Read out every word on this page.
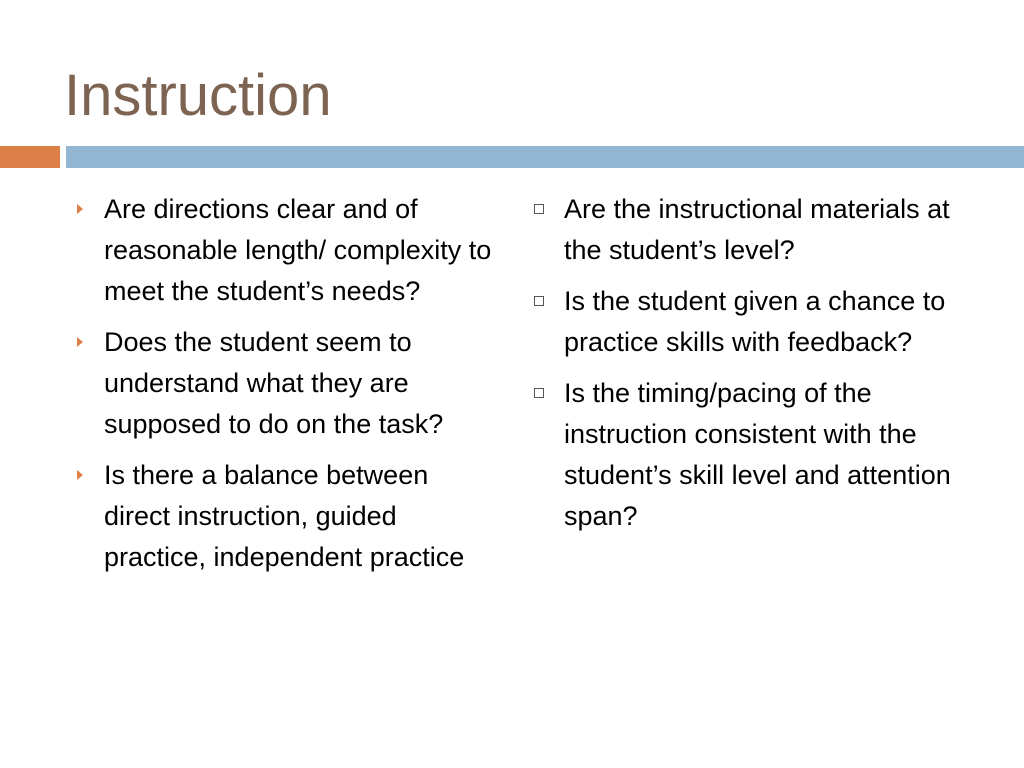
Instruction
Are directions clear and of reasonable length/ complexity to meet the student’s needs?
Does the student seem to understand what they are supposed to do on the task?
Is there a balance between direct instruction, guided practice, independent practice
Are the instructional materials at the student’s level?
Is the student given a chance to practice skills with feedback?
Is the timing/pacing of the instruction consistent with the student’s skill level and attention span?
